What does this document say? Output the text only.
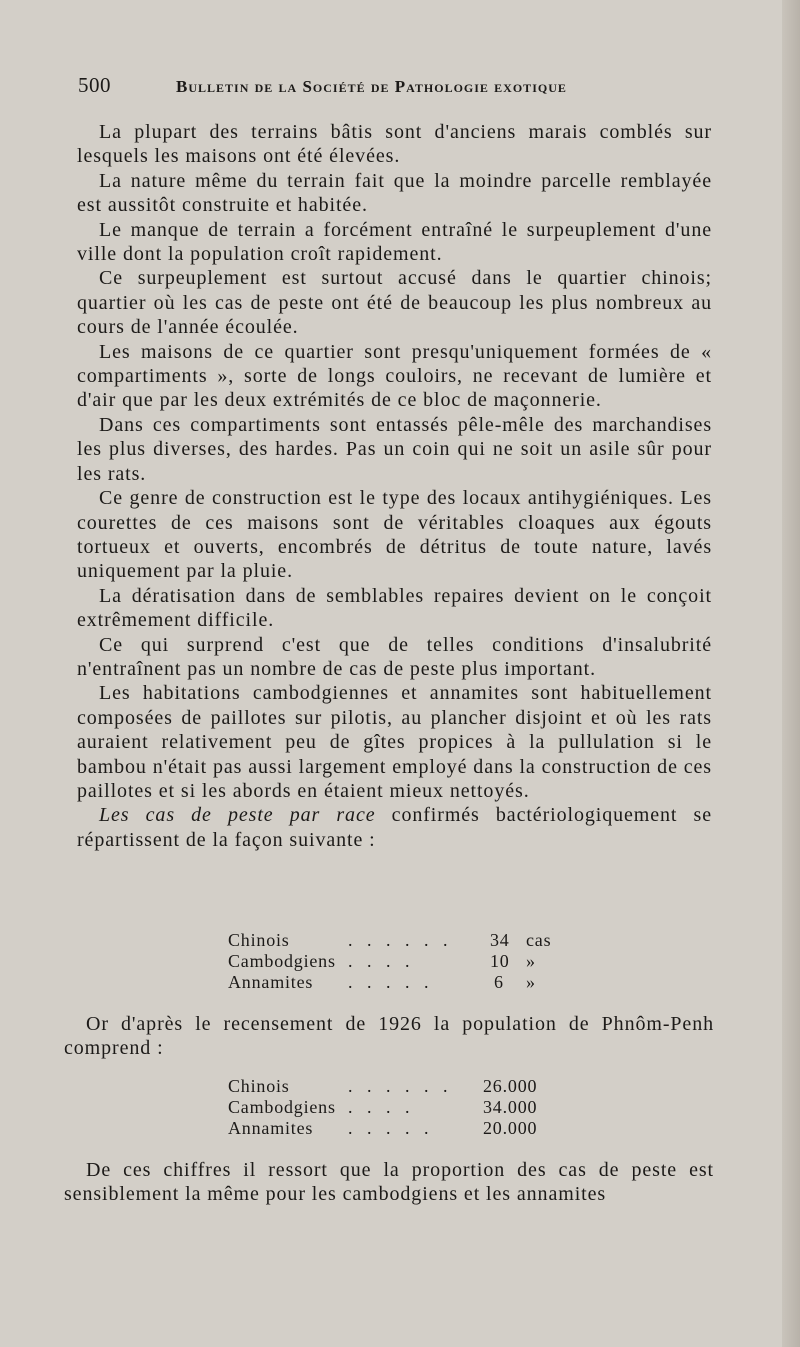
500	Bulletin de la Société de Pathologie exotique

La plupart des terrains bâtis sont d'anciens marais comblés sur lesquels les maisons ont été élevées.

La nature même du terrain fait que la moindre parcelle remblayée est aussitôt construite et habitée.

Le manque de terrain a forcément entraîné le surpeuplement d'une ville dont la population croît rapidement.

Ce surpeuplement est surtout accusé dans le quartier chinois; quartier où les cas de peste ont été de beaucoup les plus nombreux au cours de l'année écoulée.

Les maisons de ce quartier sont presqu'uniquement formées de « compartiments », sorte de longs couloirs, ne recevant de lumière et d'air que par les deux extrémités de ce bloc de maçonnerie.

Dans ces compartiments sont entassés pêle-mêle des marchandises les plus diverses, des hardes. Pas un coin qui ne soit un asile sûr pour les rats.

Ce genre de construction est le type des locaux antihygiéniques. Les courettes de ces maisons sont de véritables cloaques aux égouts tortueux et ouverts, encombrés de détritus de toute nature, lavés uniquement par la pluie.

La dératisation dans de semblables repaires devient on le conçoit extrêmement difficile.

Ce qui surprend c'est que de telles conditions d'insalubrité n'entraînent pas un nombre de cas de peste plus important.

Les habitations cambodgiennes et annamites sont habituellement composées de paillotes sur pilotis, au plancher disjoint et où les rats auraient relativement peu de gîtes propices à la pullulation si le bambou n'était pas aussi largement employé dans la construction de ces paillotes et si les abords en étaient mieux nettoyés.

Les cas de peste par race confirmés bactériologiquement se répartissent de la façon suivante :

Chinois	. . . . . . 34 cas
Cambodgiens . . . .	10 »
Annamites . . . . .	6 »

Or d'après le recensement de 1926 la population de Phnôm-Penh comprend :

Chinois	. . . . . . 26.000
Cambodgiens . . . .	34.000
Annamites . . . . .	20.000

De ces chiffres il ressort que la proportion des cas de peste est sensiblement la même pour les cambodgiens et les annamites
